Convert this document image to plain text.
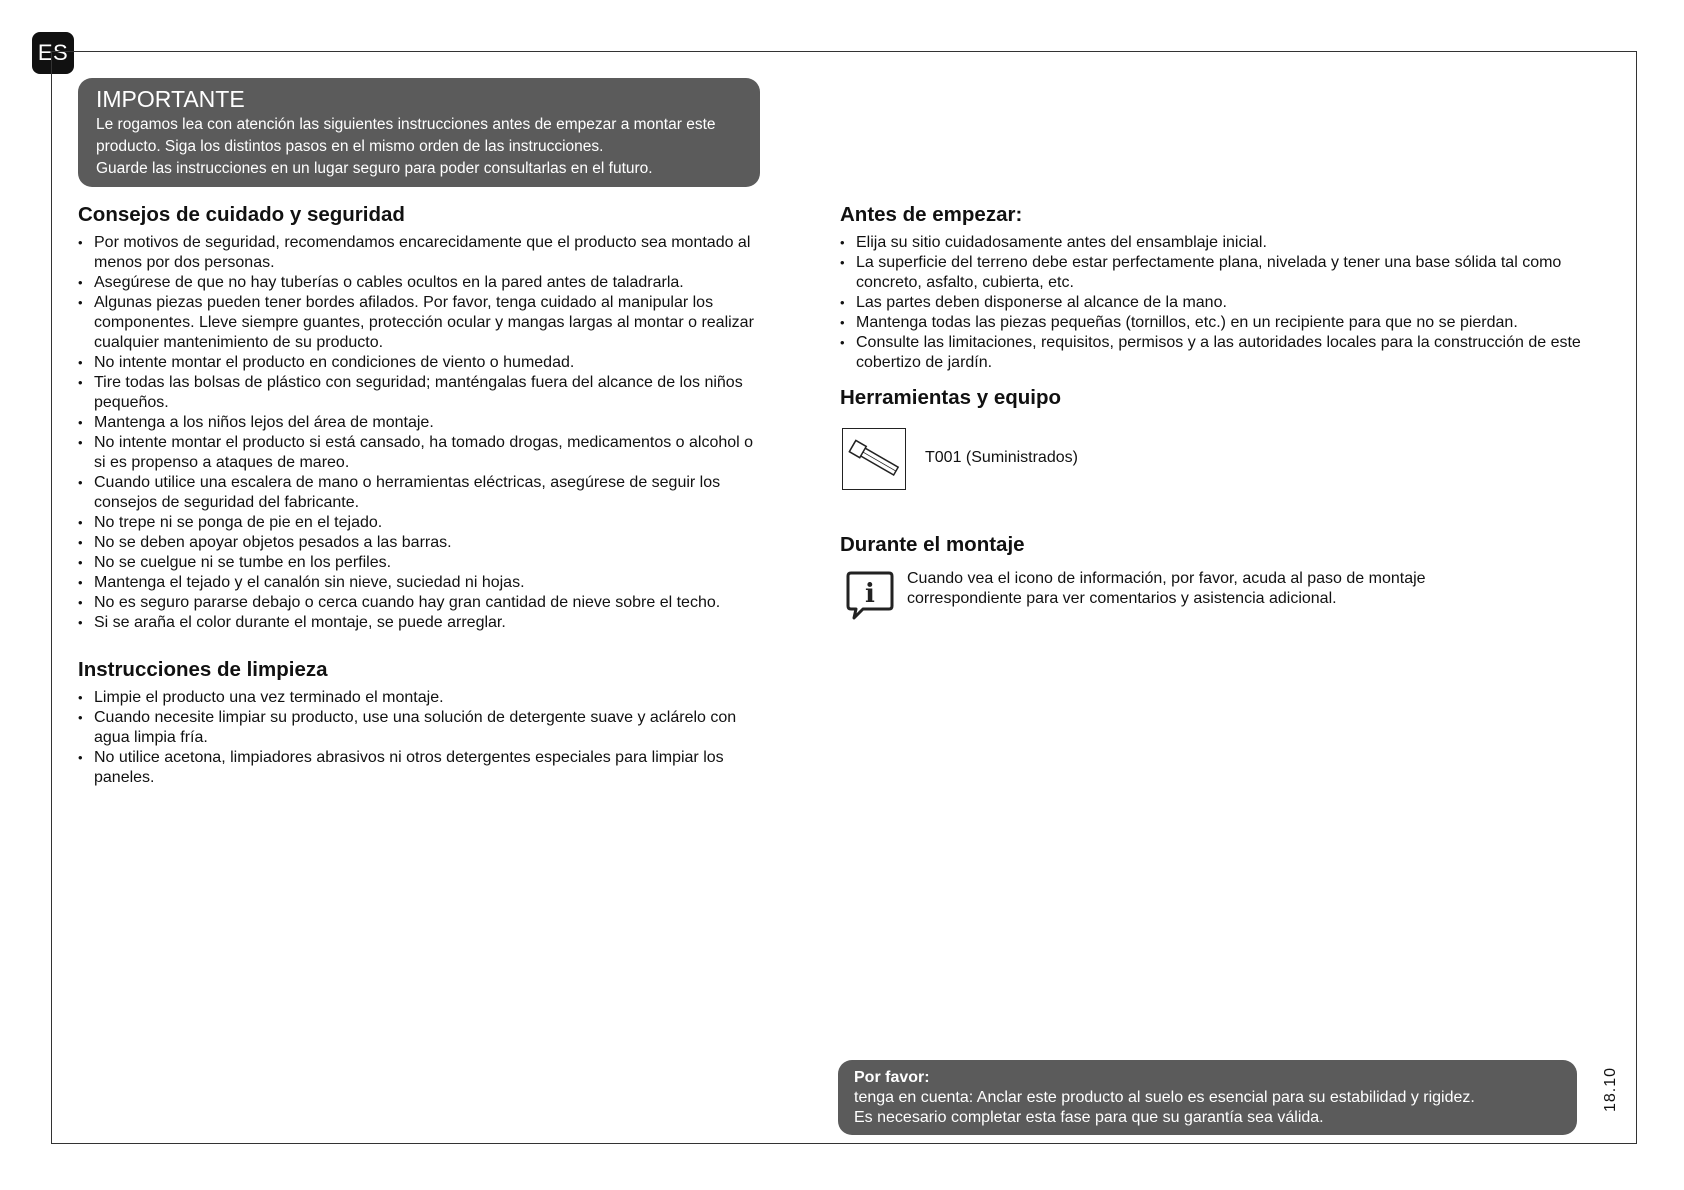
ES
IMPORTANTE
Le rogamos lea con atención las siguientes instrucciones antes de empezar a montar este
producto. Siga los distintos pasos en el mismo orden de las instrucciones.
Guarde las instrucciones en un lugar seguro para poder consultarlas en el futuro.
Consejos de cuidado y seguridad
• Por motivos de seguridad, recomendamos encarecidamente que el producto sea montado al menos por dos personas.
• Asegúrese de que no hay tuberías o cables ocultos en la pared antes de taladrarla.
• Algunas piezas pueden tener bordes afilados. Por favor, tenga cuidado al manipular los componentes. Lleve siempre guantes, protección ocular y mangas largas al montar o realizar cualquier mantenimiento de su producto.
• No intente montar el producto en condiciones de viento o humedad.
• Tire todas las bolsas de plástico con seguridad; manténgalas fuera del alcance de los niños pequeños.
• Mantenga a los niños lejos del área de montaje.
• No intente montar el producto si está cansado, ha tomado drogas, medicamentos o alcohol o si es propenso a ataques de mareo.
• Cuando utilice una escalera de mano o herramientas eléctricas, asegúrese de seguir los consejos de seguridad del fabricante.
• No trepe ni se ponga de pie en el tejado.
• No se deben apoyar objetos pesados a las barras.
• No se cuelgue ni se tumbe en los perfiles.
• Mantenga el tejado y el canalón sin nieve, suciedad ni hojas.
• No es seguro pararse debajo o cerca cuando hay gran cantidad de nieve sobre el techo.
• Si se araña el color durante el montaje, se puede arreglar.
Instrucciones de limpieza
• Limpie el producto una vez terminado el montaje.
• Cuando necesite limpiar su producto, use una solución de detergente suave y aclárelo con agua limpia fría.
• No utilice acetona, limpiadores abrasivos ni otros detergentes especiales para limpiar los paneles.
Antes de empezar:
• Elija su sitio cuidadosamente antes del ensamblaje inicial.
• La superficie del terreno debe estar perfectamente plana, nivelada y tener una base sólida tal como concreto, asfalto, cubierta, etc.
• Las partes deben disponerse al alcance de la mano.
• Mantenga todas las piezas pequeñas (tornillos, etc.) en un recipiente para que no se pierdan.
• Consulte las limitaciones, requisitos, permisos y a las autoridades locales para la construcción de este cobertizo de jardín.
Herramientas y equipo
T001 (Suministrados)
Durante el montaje
i
Cuando vea el icono de información, por favor, acuda al paso de montaje correspondiente para ver comentarios y asistencia adicional.
Por favor:
tenga en cuenta: Anclar este producto al suelo es esencial para su estabilidad y rigidez.
Es necesario completar esta fase para que su garantía sea válida.
18.10
